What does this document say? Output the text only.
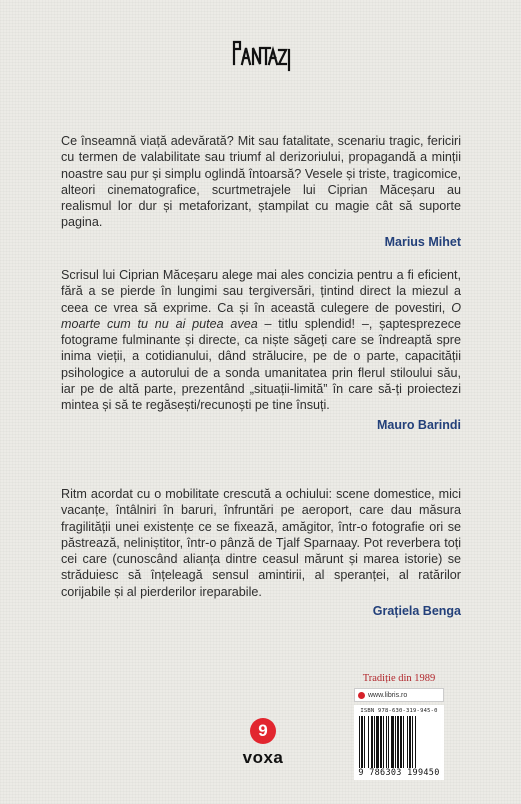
Ce înseamnă viață adevărată? Mit sau fatalitate, scenariu tragic, fericiri cu termen de valabilitate sau triumf al derizoriului, propagandă a minții noastre sau pur și simplu oglindă întoarsă? Vesele și triste, tragicomice, alteori cinematografice, scurtmetrajele lui Ciprian Măceșaru au realismul lor dur și metaforizant, ștampilat cu magie cât să suporte pagina.

Marius Mihet

Scrisul lui Ciprian Măceșaru alege mai ales concizia pentru a fi eficient, fără a se pierde în lungimi sau tergiversări, țintind direct la miezul a ceea ce vrea să exprime. Ca și în această culegere de povestiri, O moarte cum tu nu ai putea avea – titlu splendid! –, șaptesprezece fotograme fulminante și directe, ca niște săgeți care se îndreaptă spre inima vieții, a cotidianului, dând strălucire, pe de o parte, capacității psihologice a autorului de a sonda umanitatea prin flerul stiloului său, iar pe de altă parte, prezentând „situații-limită” în care să-ți proiectezi mintea și să te regăsești/recunoști pe tine însuți.

Mauro Barindi

Ritm acordat cu o mobilitate crescută a ochiului: scene domestice, mici vacanțe, întâlniri în baruri, înfruntări pe aeroport, care dau măsura fragilității unei existențe ce se fixează, amăgitor, într-o fotografie ori se păstrează, neliniștitor, într-o pânză de Tjalf Sparnaay. Pot reverbera toți cei care (cunoscând alianța dintre ceasul mărunt și marea istorie) se străduiesc să înțeleagă sensul amintirii, al speranței, al ratărilor corijabile și al pierderilor ireparabile.

Grațiela Benga
9
voxa
Tradiție din 1989
www.libris.ro
ISBN 978-630-319-945-0
9 786303 199450
